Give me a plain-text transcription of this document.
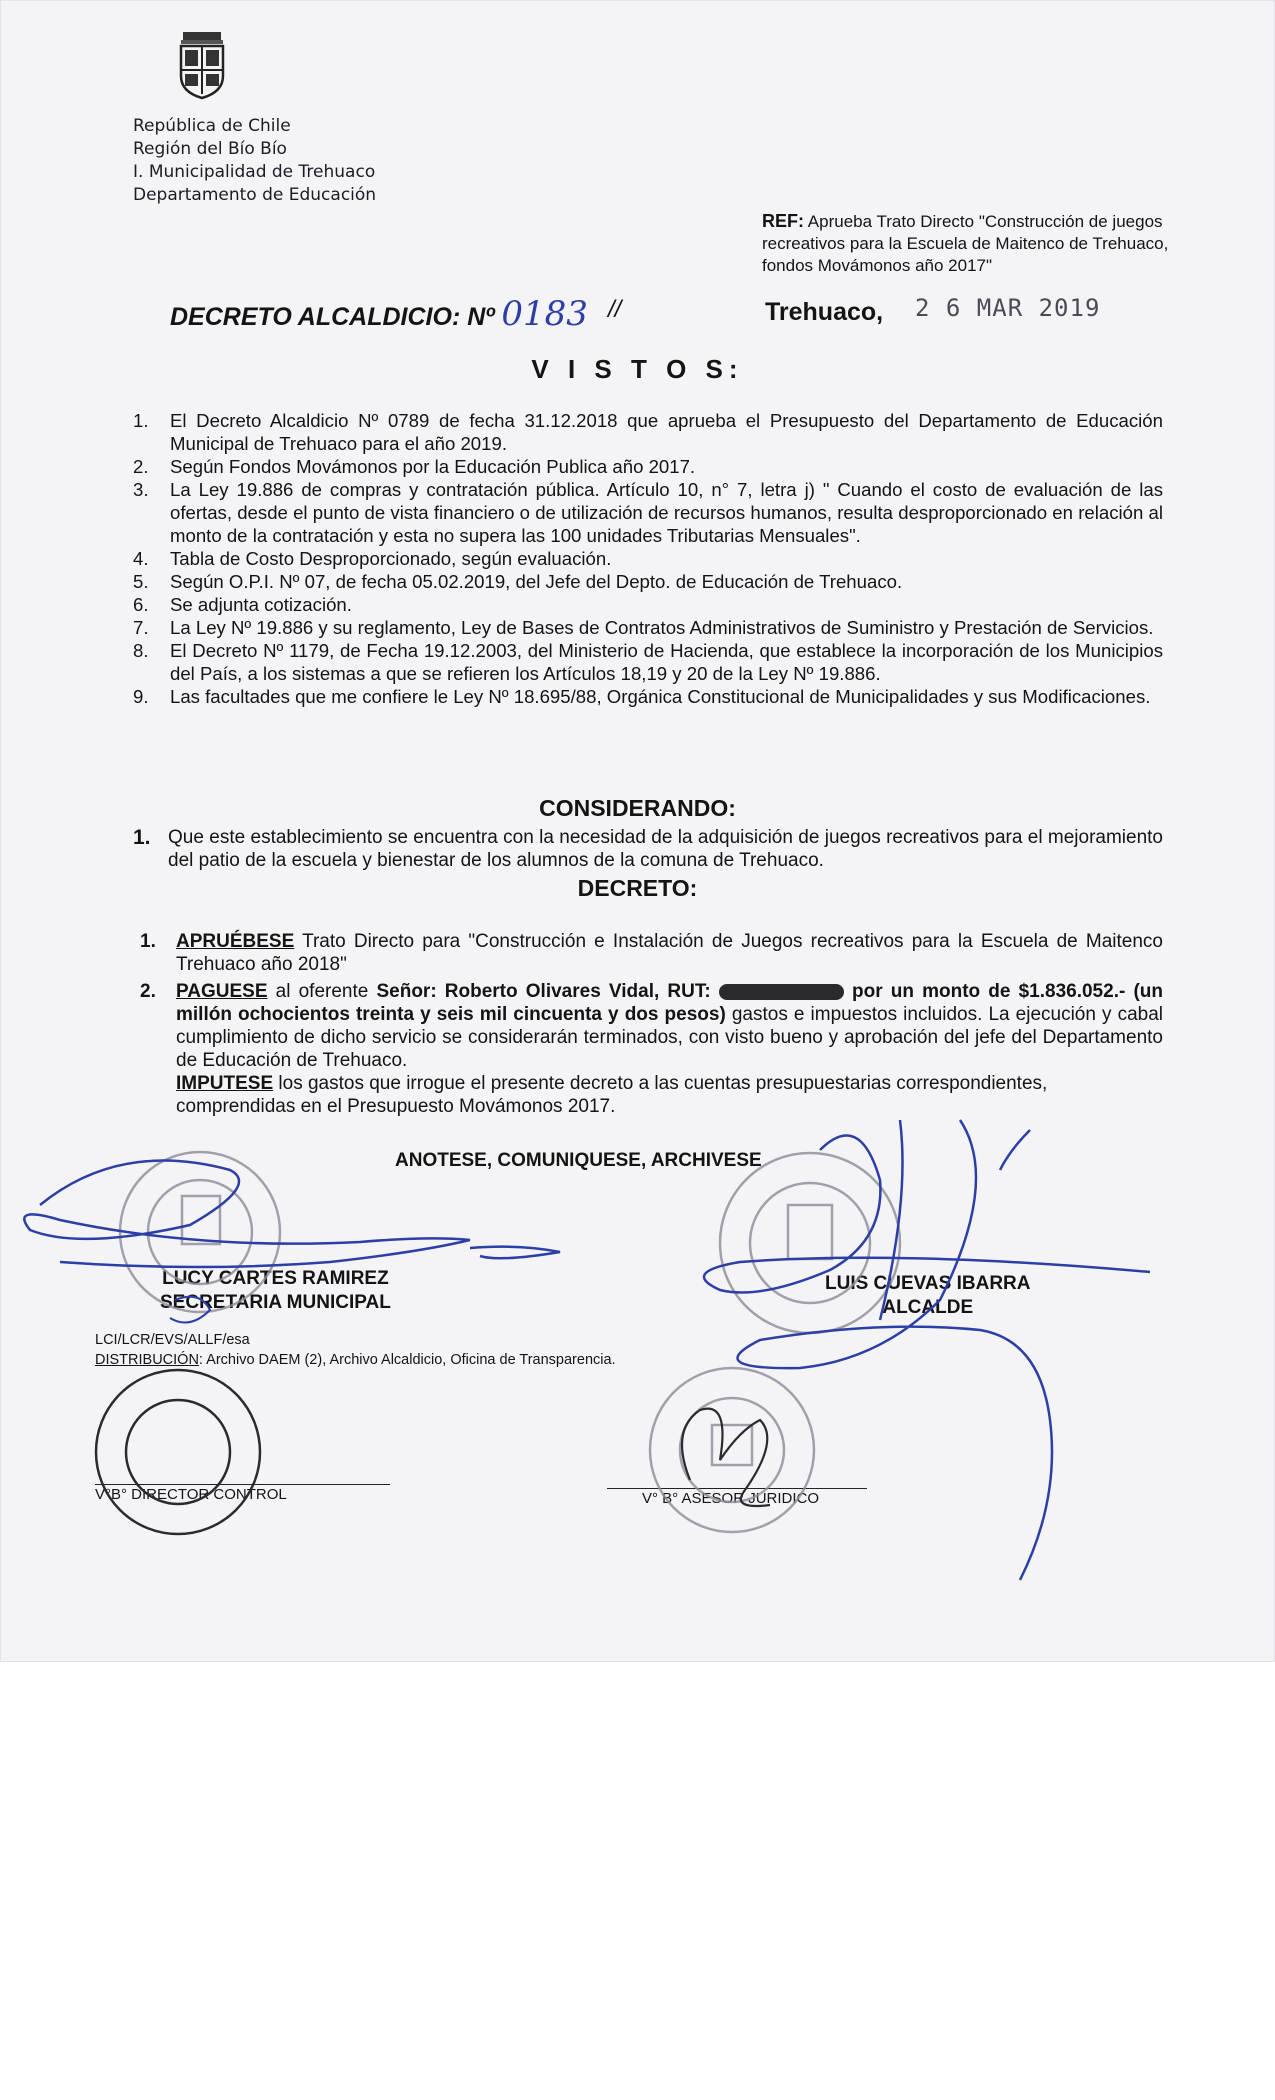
República de Chile
Región del Bío Bío
I. Municipalidad de Trehuaco
Departamento de Educación
REF: Aprueba Trato Directo "Construcción de juegos recreativos para la Escuela de Maitenco de Trehuaco, fondos Movámonos año 2017"
DECRETO ALCALDICIO: Nº 0183 //	Trehuaco, 2 6 MAR 2019
V I S T O S:
1. El Decreto Alcaldicio Nº 0789 de fecha 31.12.2018 que aprueba el Presupuesto del Departamento de Educación Municipal de Trehuaco para el año 2019.
2. Según Fondos Movámonos por la Educación Publica año 2017.
3. La Ley 19.886 de compras y contratación pública. Artículo 10, n° 7, letra j) " Cuando el costo de evaluación de las ofertas, desde el punto de vista financiero o de utilización de recursos humanos, resulta desproporcionado en relación al monto de la contratación y esta no supera las 100 unidades Tributarias Mensuales".
4. Tabla de Costo Desproporcionado, según evaluación.
5. Según O.P.I. Nº 07, de fecha 05.02.2019, del Jefe del Depto. de Educación de Trehuaco.
6. Se adjunta cotización.
7. La Ley Nº 19.886 y su reglamento, Ley de Bases de Contratos Administrativos de Suministro y Prestación de Servicios.
8. El Decreto Nº 1179, de Fecha 19.12.2003, del Ministerio de Hacienda, que establece la incorporación de los Municipios del País, a los sistemas a que se refieren los Artículos 18,19 y 20 de la Ley Nº 19.886.
9. Las facultades que me confiere le Ley Nº 18.695/88, Orgánica Constitucional de Municipalidades y sus Modificaciones.
CONSIDERANDO:
1. Que este establecimiento se encuentra con la necesidad de la adquisición de juegos recreativos para el mejoramiento del patio de la escuela y bienestar de los alumnos de la comuna de Trehuaco.
DECRETO:
1.	APRUÉBESE Trato Directo para "Construcción e Instalación de Juegos recreativos para la Escuela de Maitenco Trehuaco año 2018"
2.	PAGUESE al oferente Señor: Roberto Olivares Vidal, RUT:	por un monto de $1.836.052.- (un millón ochocientos treinta y seis mil cincuenta y dos pesos) gastos e impuestos incluidos. La ejecución y cabal cumplimiento de dicho servicio se considerarán terminados, con visto bueno y aprobación del jefe del Departamento de Educación de Trehuaco.
IMPUTESE los gastos que irrogue el presente decreto a las cuentas presupuestarias correspondientes, comprendidas en el Presupuesto Movámonos 2017.
ANOTESE, COMUNIQUESE, ARCHIVESE
LUCY CARTES RAMIREZ
SECRETARIA MUNICIPAL
LUIS CUEVAS IBARRA
ALCALDE
LCI/LCR/EVS/ALLF/esa
DISTRIBUCIÓN: Archivo DAEM (2), Archivo Alcaldicio, Oficina de Transparencia.
V°B° DIRECTOR CONTROL	V° B° ASESOR JURIDICO
